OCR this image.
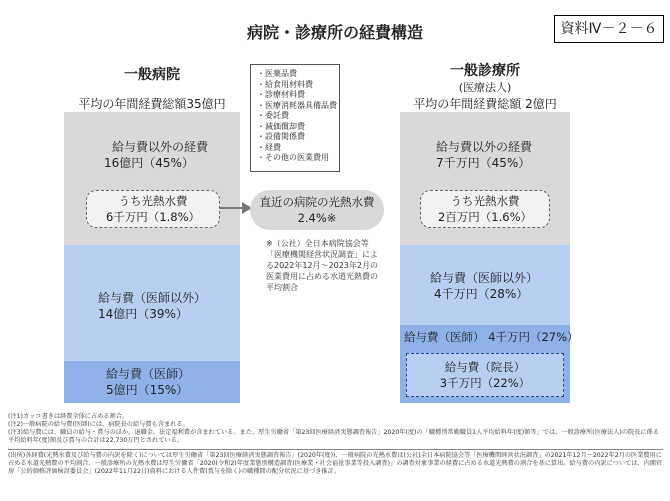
病院・診療所の経費構造	資料Ⅳ－２－６
一般病院
平均の年間経費総額35億円
給与費以外の経費
16億円（45%）
うち光熱水費
6千万円（1.8%）
給与費（医師以外）
14億円（39%）
給与費（医師）
5億円（15%）
・医薬品費
・給食用材料費
・診療材料費
・医療消耗器具備品費
・委託費
・減価償却費
・設備関係費
・経費
・その他の医業費用
直近の病院の光熱水費
2.4%※
※（公社）全日本病院協会等「医療機関経営状況調査」による2022年12月～2023年2月の医業費用に占める水道光熱費の平均割合
一般診療所
(医療法人)
平均の年間経費総額 2億円
給与費以外の経費
7千万円（45%）
うち光熱水費
2百万円（1.6%）
給与費（医師以外）
4千万円（28%）
給与費（医師） 4千万円（27%）
給与費（院長）
3千万円（22%）
(注1)カッコ書きは経費全体に占める割合。
(注2)一般病院の給与費(医師)には、病院長の給与費も含まれる。
(注3)給与費には、職員の給与・賞与のほか、退職金、法定福利費が含まれている。また、厚生労働省「第23回医療経済実態調査報告」2020年(度)の「職種別常勤職員1人平均給料年(度)額等」では、一般診療所(医療法人)の院長に係る平均給料年(度)額及び賞与の合計は22,730万円とされている。
(出所)各経費(光熱水費及び給与費の内訳を除く)については厚生労働省「第23回医療経済実態調査報告」(2020年(度))、一般病院の光熱水費は(公社)全日本病院協会等「医療機関経営状況調査」の2021年12月～2022年2月の医業費用に占める水道光熱費の平均割合、一般診療所の光熱水費は厚生労働省「2020(令和2)年度業態別構造調査(医療業・社会福祉事業等投入調査)」の調査対象事業の経費に占める水道光熱費の割合を基に算出。給与費の内訳については、内閣官房「公的価格評価検討委員会」(2022年11月22日)資料における人件費(賞与を除く)の職種間の配分状況に基づき推計。
